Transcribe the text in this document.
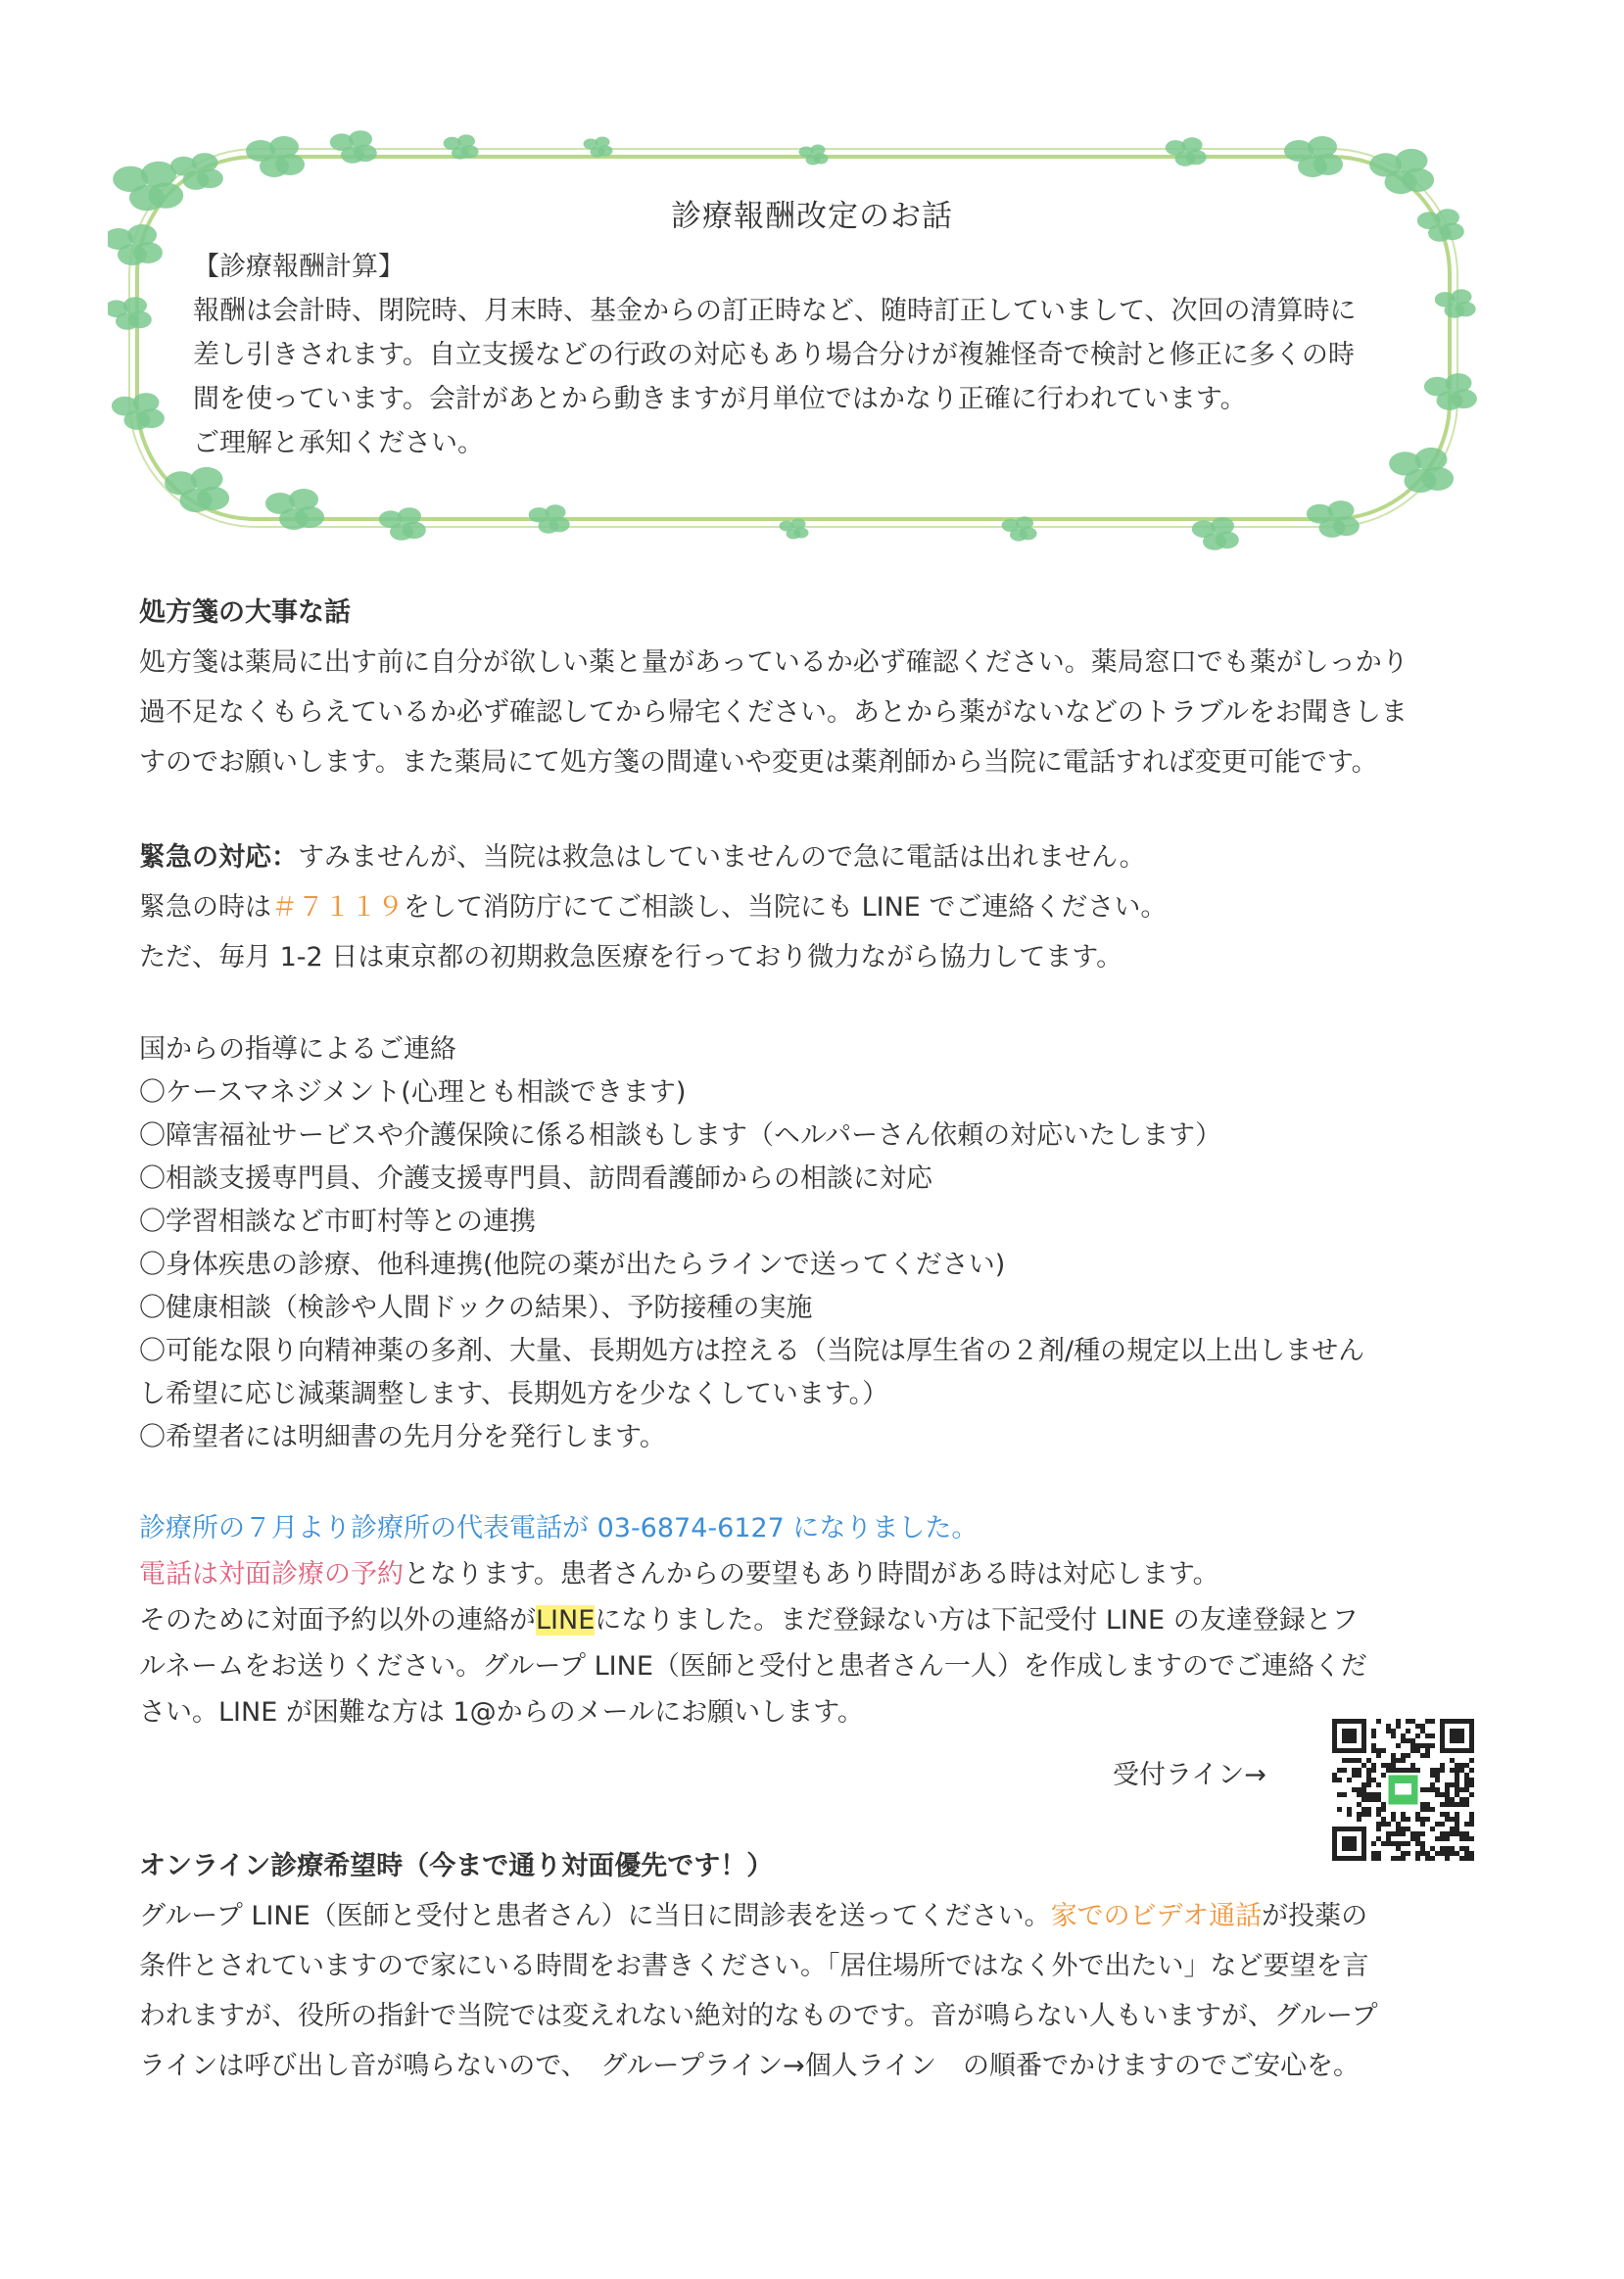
診療報酬改定のお話

【診療報酬計算】

報酬は会計時、閉院時、月末時、基金からの訂正時など、随時訂正していまして、次回の清算時に

差し引きされます。自立支援などの行政の対応もあり場合分けが複雑怪奇で検討と修正に多くの時

間を使っています。会計があとから動きますが月単位ではかなり正確に行われています。

ご理解と承知ください。

処方箋の大事な話

処方箋は薬局に出す前に自分が欲しい薬と量があっているか必ず確認ください。薬局窓口でも薬がしっかり

過不足なくもらえているか必ず確認してから帰宅ください。あとから薬がないなどのトラブルをお聞きしま

すのでお願いします。また薬局にて処方箋の間違いや変更は薬剤師から当院に電話すれば変更可能です。

緊急の対応：すみませんが、当院は救急はしていませんので急に電話は出れません。

緊急の時は＃７１１９をして消防庁にてご相談し、当院にも LINE でご連絡ください。

ただ、毎月 1-2 日は東京都の初期救急医療を行っており微力ながら協力してます。

国からの指導によるご連絡

〇ケースマネジメント(心理とも相談できます)

〇障害福祉サービスや介護保険に係る相談もします（ヘルパーさん依頼の対応いたします）

〇相談支援専門員、介護支援専門員、訪問看護師からの相談に対応

〇学習相談など市町村等との連携

〇身体疾患の診療、他科連携(他院の薬が出たらラインで送ってください)

〇健康相談（検診や人間ドックの結果）、予防接種の実施

〇可能な限り向精神薬の多剤、大量、長期処方は控える（当院は厚生省の２剤/種の規定以上出しません

し希望に応じ減薬調整します、長期処方を少なくしています。）

〇希望者には明細書の先月分を発行します。

診療所の７月より診療所の代表電話が 03-6874-6127 になりました。

電話は対面診療の予約となります。患者さんからの要望もあり時間がある時は対応します。

そのために対面予約以外の連絡がLINEになりました。まだ登録ない方は下記受付 LINE の友達登録とフ

ルネームをお送りください。グループ LINE（医師と受付と患者さん一人）を作成しますのでご連絡くだ

さい。LINE が困難な方は 1@からのメールにお願いします。

受付ライン→

オンライン診療希望時（今まで通り対面優先です！）

グループ LINE（医師と受付と患者さん）に当日に問診表を送ってください。家でのビデオ通話が投薬の

条件とされていますので家にいる時間をお書きください。「居住場所ではなく外で出たい」など要望を言

われますが、役所の指針で当院では変えれない絶対的なものです。音が鳴らない人もいますが、グループ

ラインは呼び出し音が鳴らないので、　グループライン→個人ライン　の順番でかけますのでご安心を。
